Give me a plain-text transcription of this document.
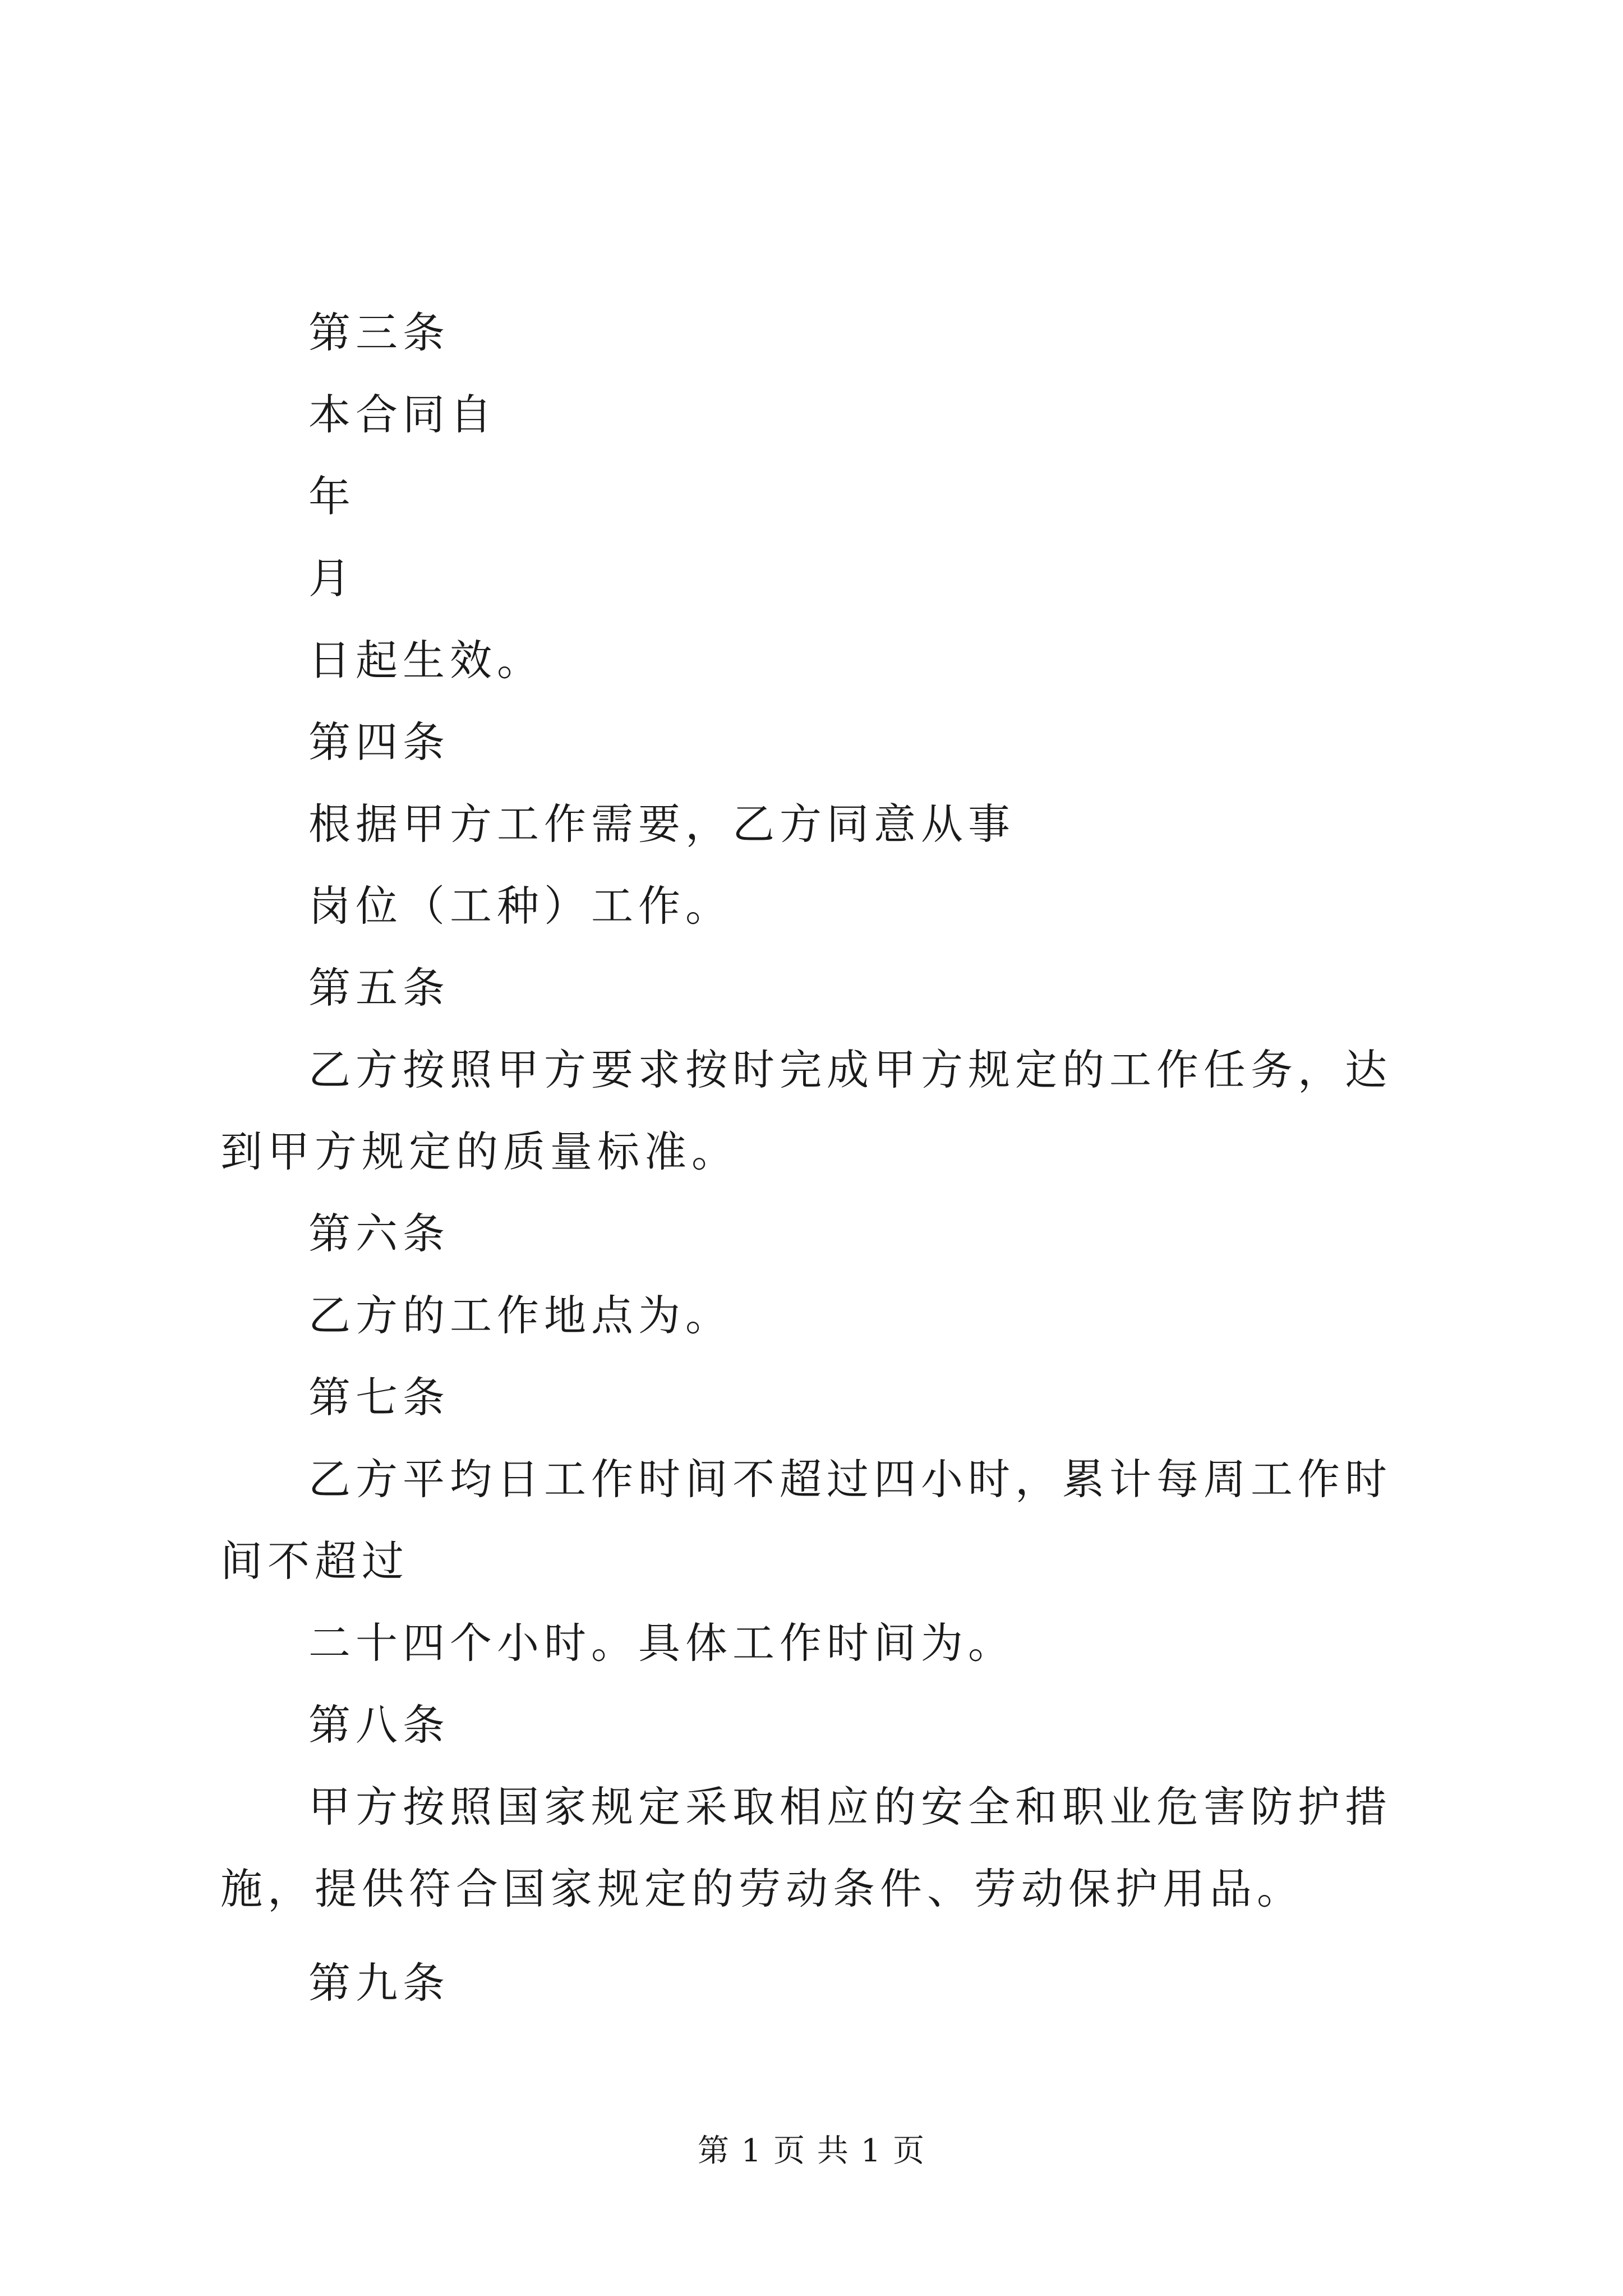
第三条

本合同自

年

月

日起生效。

第四条

根据甲方工作需要，乙方同意从事

岗位（工种）工作。

第五条

乙方按照甲方要求按时完成甲方规定的工作任务，达到甲方规定的质量标准。

第六条

乙方的工作地点为。

第七条

乙方平均日工作时间不超过四小时，累计每周工作时间不超过

二十四个小时。具体工作时间为。

第八条

甲方按照国家规定采取相应的安全和职业危害防护措施，提供符合国家规定的劳动条件、劳动保护用品。

第九条

第 1 页 共 1 页
